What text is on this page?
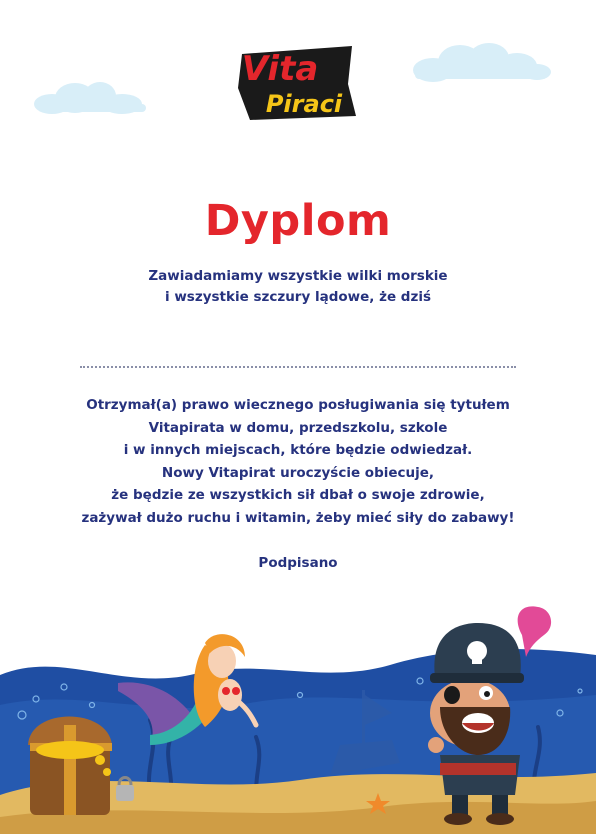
Vita
Piraci
Dyplom
Zawiadamiamy wszystkie wilki morskie
i wszystkie szczury lądowe, że dziś
Otrzymał(a) prawo wiecznego posługiwania się tytułem
Vitapirata w domu, przedszkolu, szkole
i w innych miejscach, które będzie odwiedzał.
Nowy Vitapirat uroczyście obiecuje,
że będzie ze wszystkich sił dbał o swoje zdrowie,
zażywał dużo ruchu i witamin, żeby mieć siły do zabawy!
Podpisano
